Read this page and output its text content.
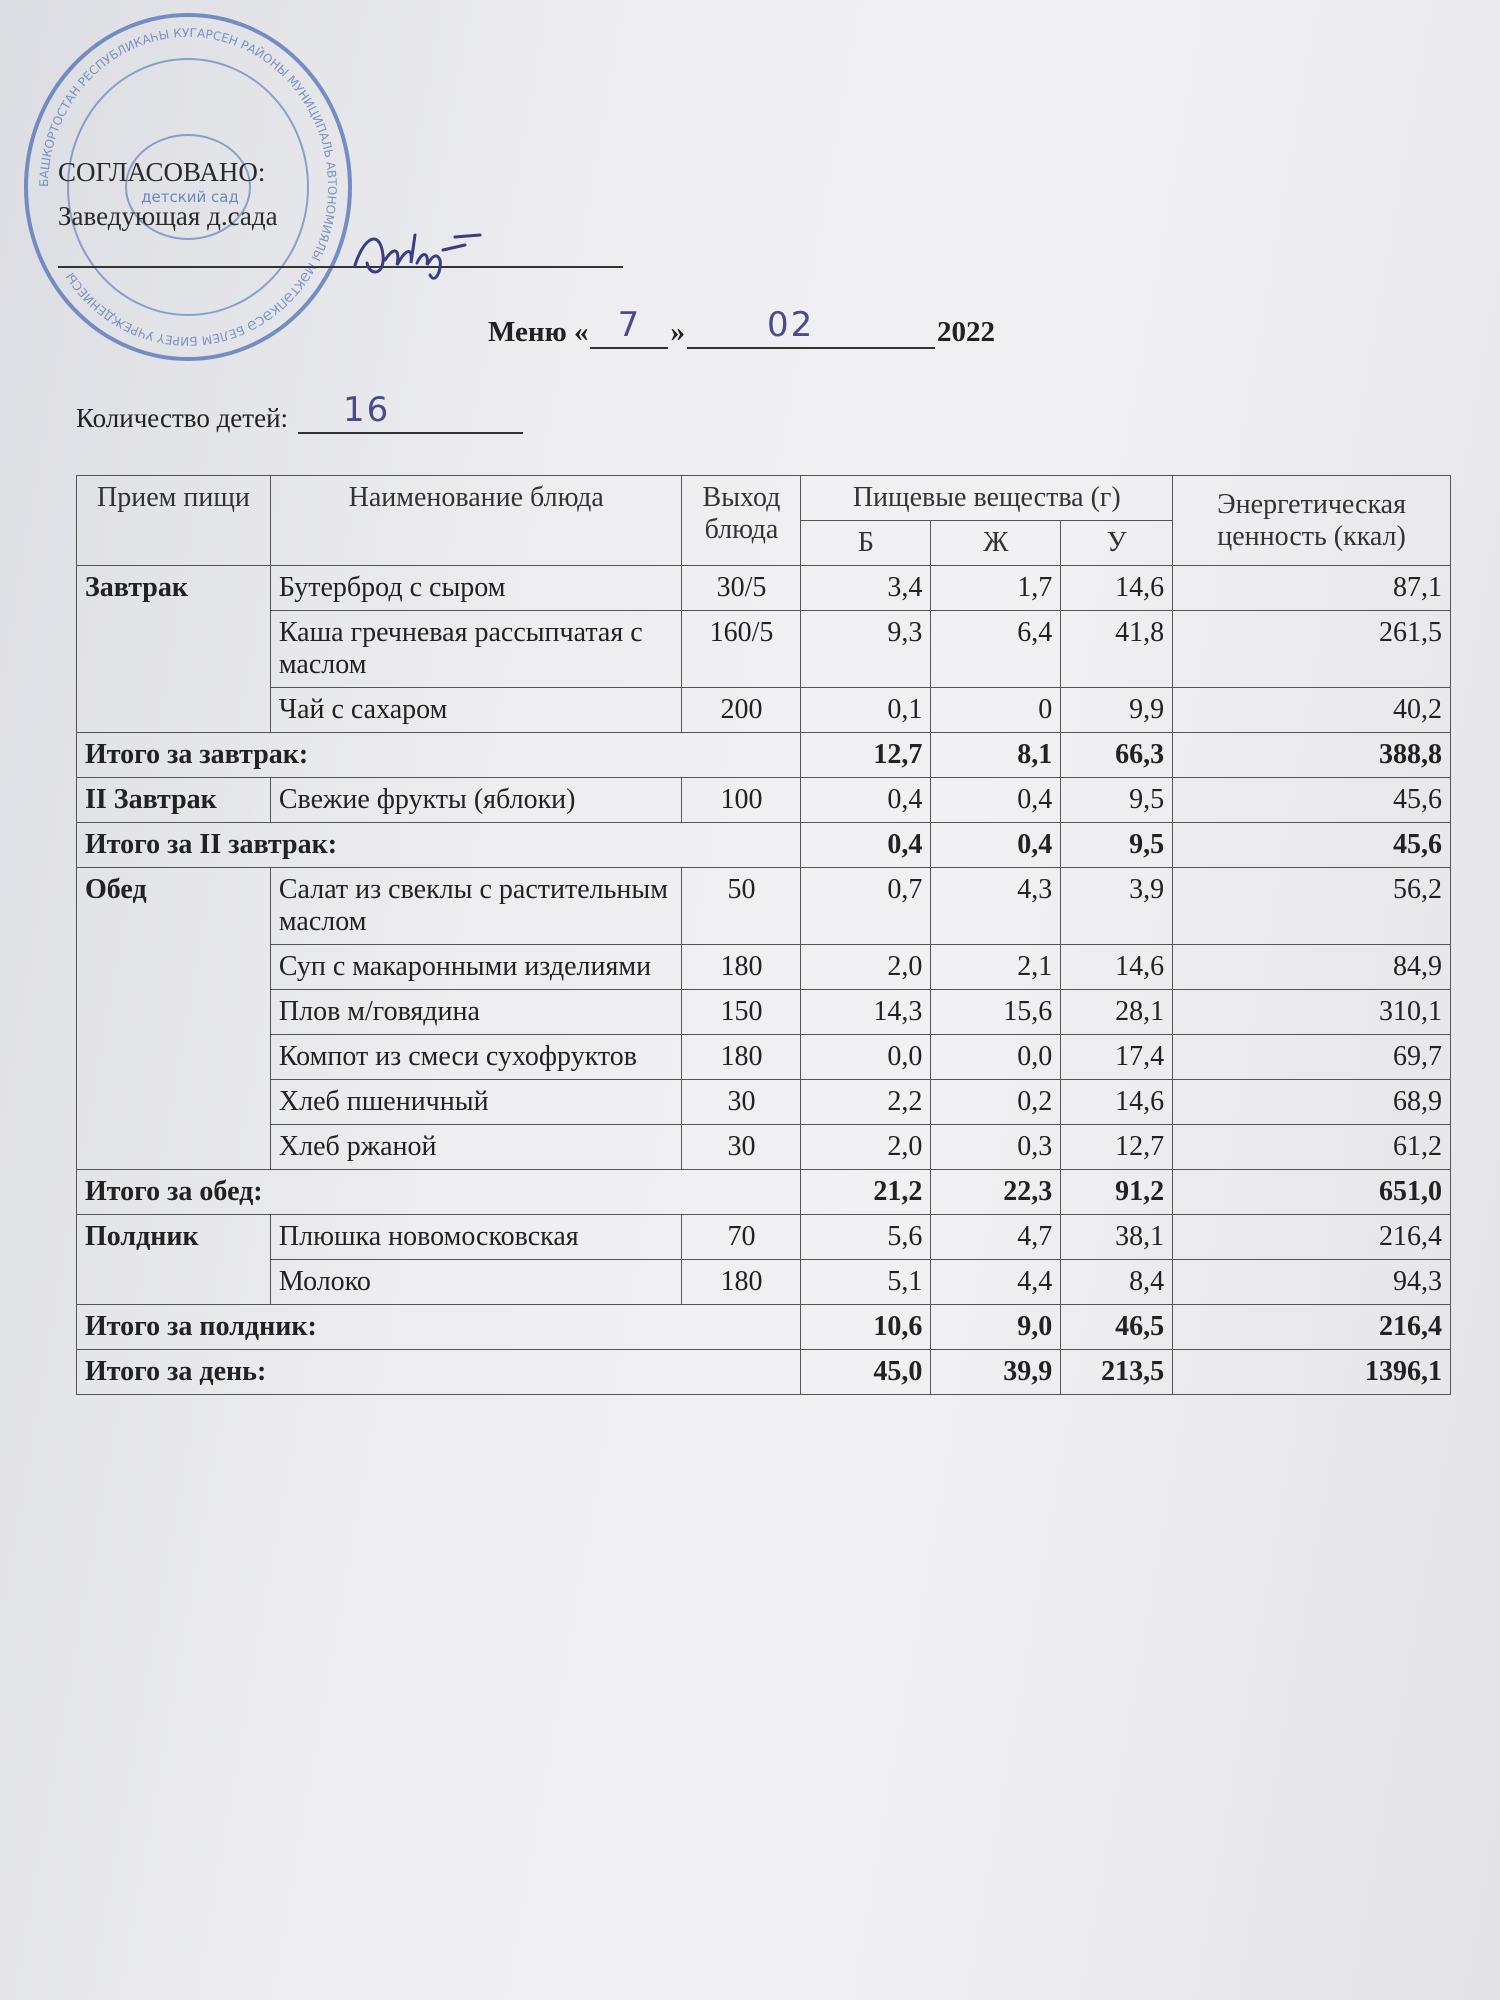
БАШКОРТОСТАН РЕСПУБЛИКАҺЫ КУГАРСЕН РАЙОНЫ МУНИЦИПАЛЬ АВТОНОМИЯЛЫ МӘКТӘПКӘСӘ БЕЛЕМ БИРЕҮ УЧРЕЖДЕНИЕСЫ
детский сад
СОГЛАСОВАНО:
Заведующая д.сада
Меню « 7	» 02	2022
Количество детей: 16
Прием пищи	Наименование блюда	Выход блюда	Пищевые вещества (г)			Энергетическая ценность (ккал)
			Б	Ж	У	
Завтрак	Бутерброд с сыром	30/5	3,4	1,7	14,6	87,1
	Каша гречневая рассыпчатая с маслом	160/5	9,3	6,4	41,8	261,5
	Чай с сахаром	200	0,1	0	9,9	40,2
Итого за завтрак:			12,7	8,1	66,3	388,8
II Завтрак	Свежие фрукты (яблоки)	100	0,4	0,4	9,5	45,6
Итого за II завтрак:			0,4	0,4	9,5	45,6
Обед	Салат из свеклы с растительным маслом	50	0,7	4,3	3,9	56,2
	Суп с макаронными изделиями	180	2,0	2,1	14,6	84,9
	Плов м/говядина	150	14,3	15,6	28,1	310,1
	Компот из смеси сухофруктов	180	0,0	0,0	17,4	69,7
	Хлеб пшеничный	30	2,2	0,2	14,6	68,9
	Хлеб ржаной	30	2,0	0,3	12,7	61,2
Итого за обед:			21,2	22,3	91,2	651,0
Полдник	Плюшка новомосковская	70	5,6	4,7	38,1	216,4
	Молоко	180	5,1	4,4	8,4	94,3
Итого за полдник:			10,6	9,0	46,5	216,4
Итого за день:			45,0	39,9	213,5	1396,1
